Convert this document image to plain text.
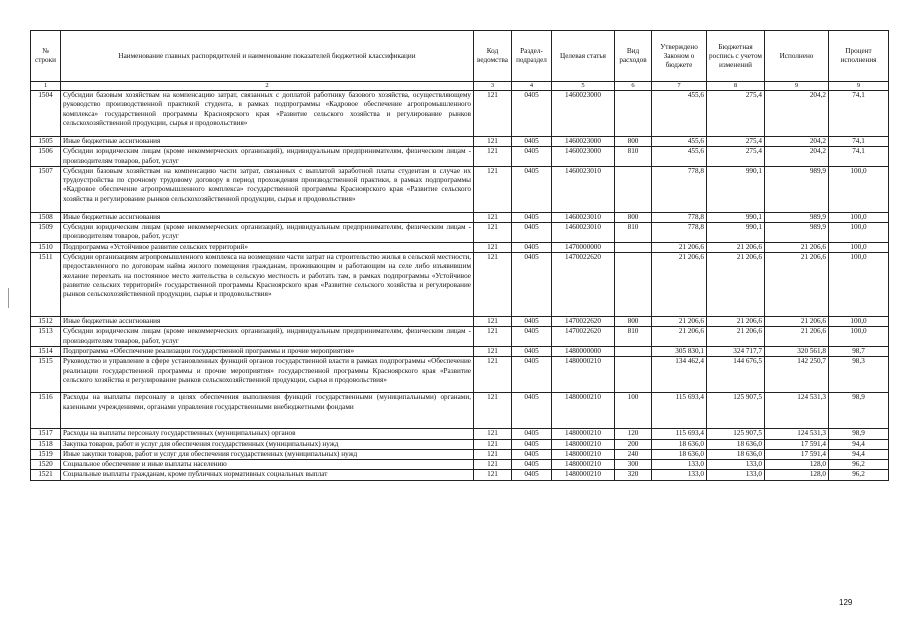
№ строки	Наименование главных распорядителей и наименование показателей бюджетной классификации	Код ведомства	Раздел-подраздел	Целевая статья	Вид расходов	Утверждено Законом о бюджете	Бюджетная роспись с учетом изменений	Исполнено	Процент исполнения
1	2	3	4	5	6	7	8	9	9
1504	Субсидии базовым хозяйствам на компенсацию затрат, связанных с доплатой работнику базового хозяйства, осуществляющему руководство производственной практикой студента, в рамках подпрограммы «Кадровое обеспечение агропромышленного комплекса» государственной программы Красноярского края «Развитие сельского хозяйства и регулирование рынков сельскохозяйственной продукции, сырья и продовольствия»	121	0405	1460023000		455,6	275,4	204,2	74,1
1505	Иные бюджетные ассигнования	121	0405	1460023000	800	455,6	275,4	204,2	74,1
1506	Субсидии юридическим лицам (кроме некоммерческих организаций), индивидуальным предпринимателям, физическим лицам - производителям товаров, работ, услуг	121	0405	1460023000	810	455,6	275,4	204,2	74,1
1507	Субсидии базовым хозяйствам на компенсацию части затрат, связанных с выплатой заработной платы студентам в случае их трудоустройства по срочному трудовому договору в период прохождения производственной практики, в рамках подпрограммы «Кадровое обеспечение агропромышленного комплекса» государственной программы Красноярского края «Развитие сельского хозяйства и регулирование рынков сельскохозяйственной продукции, сырья и продовольствия»	121	0405	1460023010		778,8	990,1	989,9	100,0
1508	Иные бюджетные ассигнования	121	0405	1460023010	800	778,8	990,1	989,9	100,0
1509	Субсидии юридическим лицам (кроме некоммерческих организаций), индивидуальным предпринимателям, физическим лицам - производителям товаров, работ, услуг	121	0405	1460023010	810	778,8	990,1	989,9	100,0
1510	Подпрограмма «Устойчивое развитие сельских территорий»	121	0405	1470000000		21 206,6	21 206,6	21 206,6	100,0
1511	Субсидии организациям агропромышленного комплекса на возмещение части затрат на строительство жилья в сельской местности, предоставленного по договорам найма жилого помещения гражданам, проживающим и работающим на селе либо изъявившим желание переехать на постоянное место жительства в сельскую местность и работать там, в рамках подпрограммы «Устойчивое развитие сельских территорий» государственной программы Красноярского края «Развитие сельского хозяйства и регулирование рынков сельскохозяйственной продукции, сырья и продовольствия»	121	0405	1470022620		21 206,6	21 206,6	21 206,6	100,0
1512	Иные бюджетные ассигнования	121	0405	1470022620	800	21 206,6	21 206,6	21 206,6	100,0
1513	Субсидии юридическим лицам (кроме некоммерческих организаций), индивидуальным предпринимателям, физическим лицам - производителям товаров, работ, услуг	121	0405	1470022620	810	21 206,6	21 206,6	21 206,6	100,0
1514	Подпрограмма «Обеспечение реализации государственной программы и прочие мероприятия»	121	0405	1480000000		305 830,1	324 717,7	320 561,8	98,7
1515	Руководство и управление в сфере установленных функций органов государственной власти в рамках подпрограммы «Обеспечение реализации государственной программы и прочие мероприятия» государственной программы Красноярского края «Развитие сельского хозяйства и регулирование рынков сельскохозяйственной продукции, сырья и продовольствия»	121	0405	1480000210		134 462,4	144 676,5	142 250,7	98,3
1516	Расходы на выплаты персоналу в целях обеспечения выполнения функций государственными (муниципальными) органами, казенными учреждениями, органами управления государственными внебюджетными фондами	121	0405	1480000210	100	115 693,4	125 907,5	124 531,3	98,9
1517	Расходы на выплаты персоналу государственных (муниципальных) органов	121	0405	1480000210	120	115 693,4	125 907,5	124 531,3	98,9
1518	Закупка товаров, работ и услуг для обеспечения государственных (муниципальных) нужд	121	0405	1480000210	200	18 636,0	18 636,0	17 591,4	94,4
1519	Иные закупки товаров, работ и услуг для обеспечения государственных (муниципальных) нужд	121	0405	1480000210	240	18 636,0	18 636,0	17 591,4	94,4
1520	Социальное обеспечение и иные выплаты населению	121	0405	1480000210	300	133,0	133,0	128,0	96,2
1521	Социальные выплаты гражданам, кроме публичных нормативных социальных выплат	121	0405	1480000210	320	133,0	133,0	128,0	96,2
129
